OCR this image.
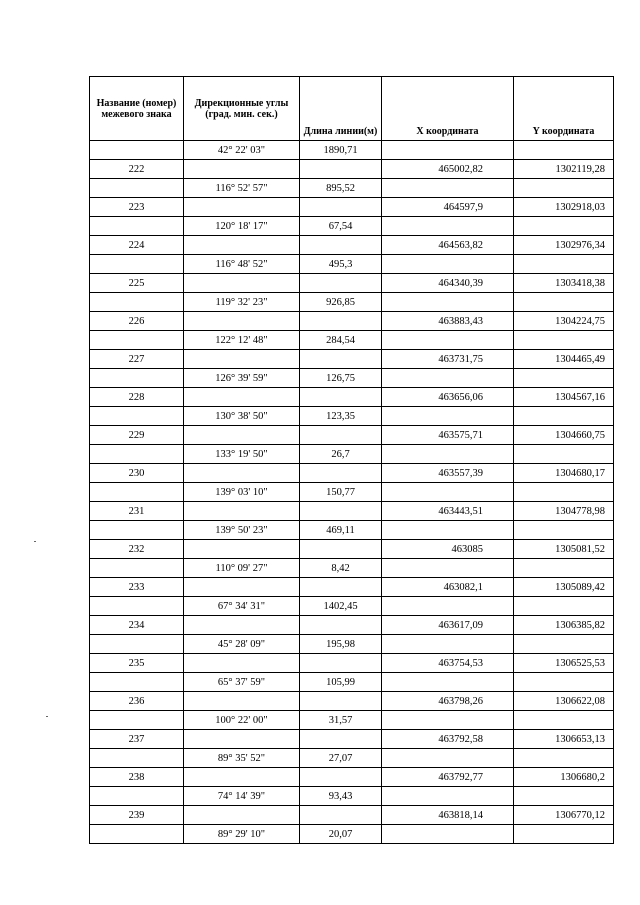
Название (номер) межевого знака	Дирекционные углы (град. мин. сек.)	Длина линии(м)	X координата	Y координата
	42° 22' 03"	1890,71		
222			465002,82	1302119,28
	116° 52' 57"	895,52		
223			464597,9	1302918,03
	120° 18' 17"	67,54		
224			464563,82	1302976,34
	116° 48' 52"	495,3		
225			464340,39	1303418,38
	119° 32' 23"	926,85		
226			463883,43	1304224,75
	122° 12' 48"	284,54		
227			463731,75	1304465,49
	126° 39' 59"	126,75		
228			463656,06	1304567,16
	130° 38' 50"	123,35		
229			463575,71	1304660,75
	133° 19' 50"	26,7		
230			463557,39	1304680,17
	139° 03' 10"	150,77		
231			463443,51	1304778,98
	139° 50' 23"	469,11		
232			463085	1305081,52
	110° 09' 27"	8,42		
233			463082,1	1305089,42
	67° 34' 31"	1402,45		
234			463617,09	1306385,82
	45° 28' 09"	195,98		
235			463754,53	1306525,53
	65° 37' 59"	105,99		
236			463798,26	1306622,08
	100° 22' 00"	31,57		
237			463792,58	1306653,13
	89° 35' 52"	27,07		
238			463792,77	1306680,2
	74° 14' 39"	93,43		
239			463818,14	1306770,12
	89° 29' 10"	20,07		
